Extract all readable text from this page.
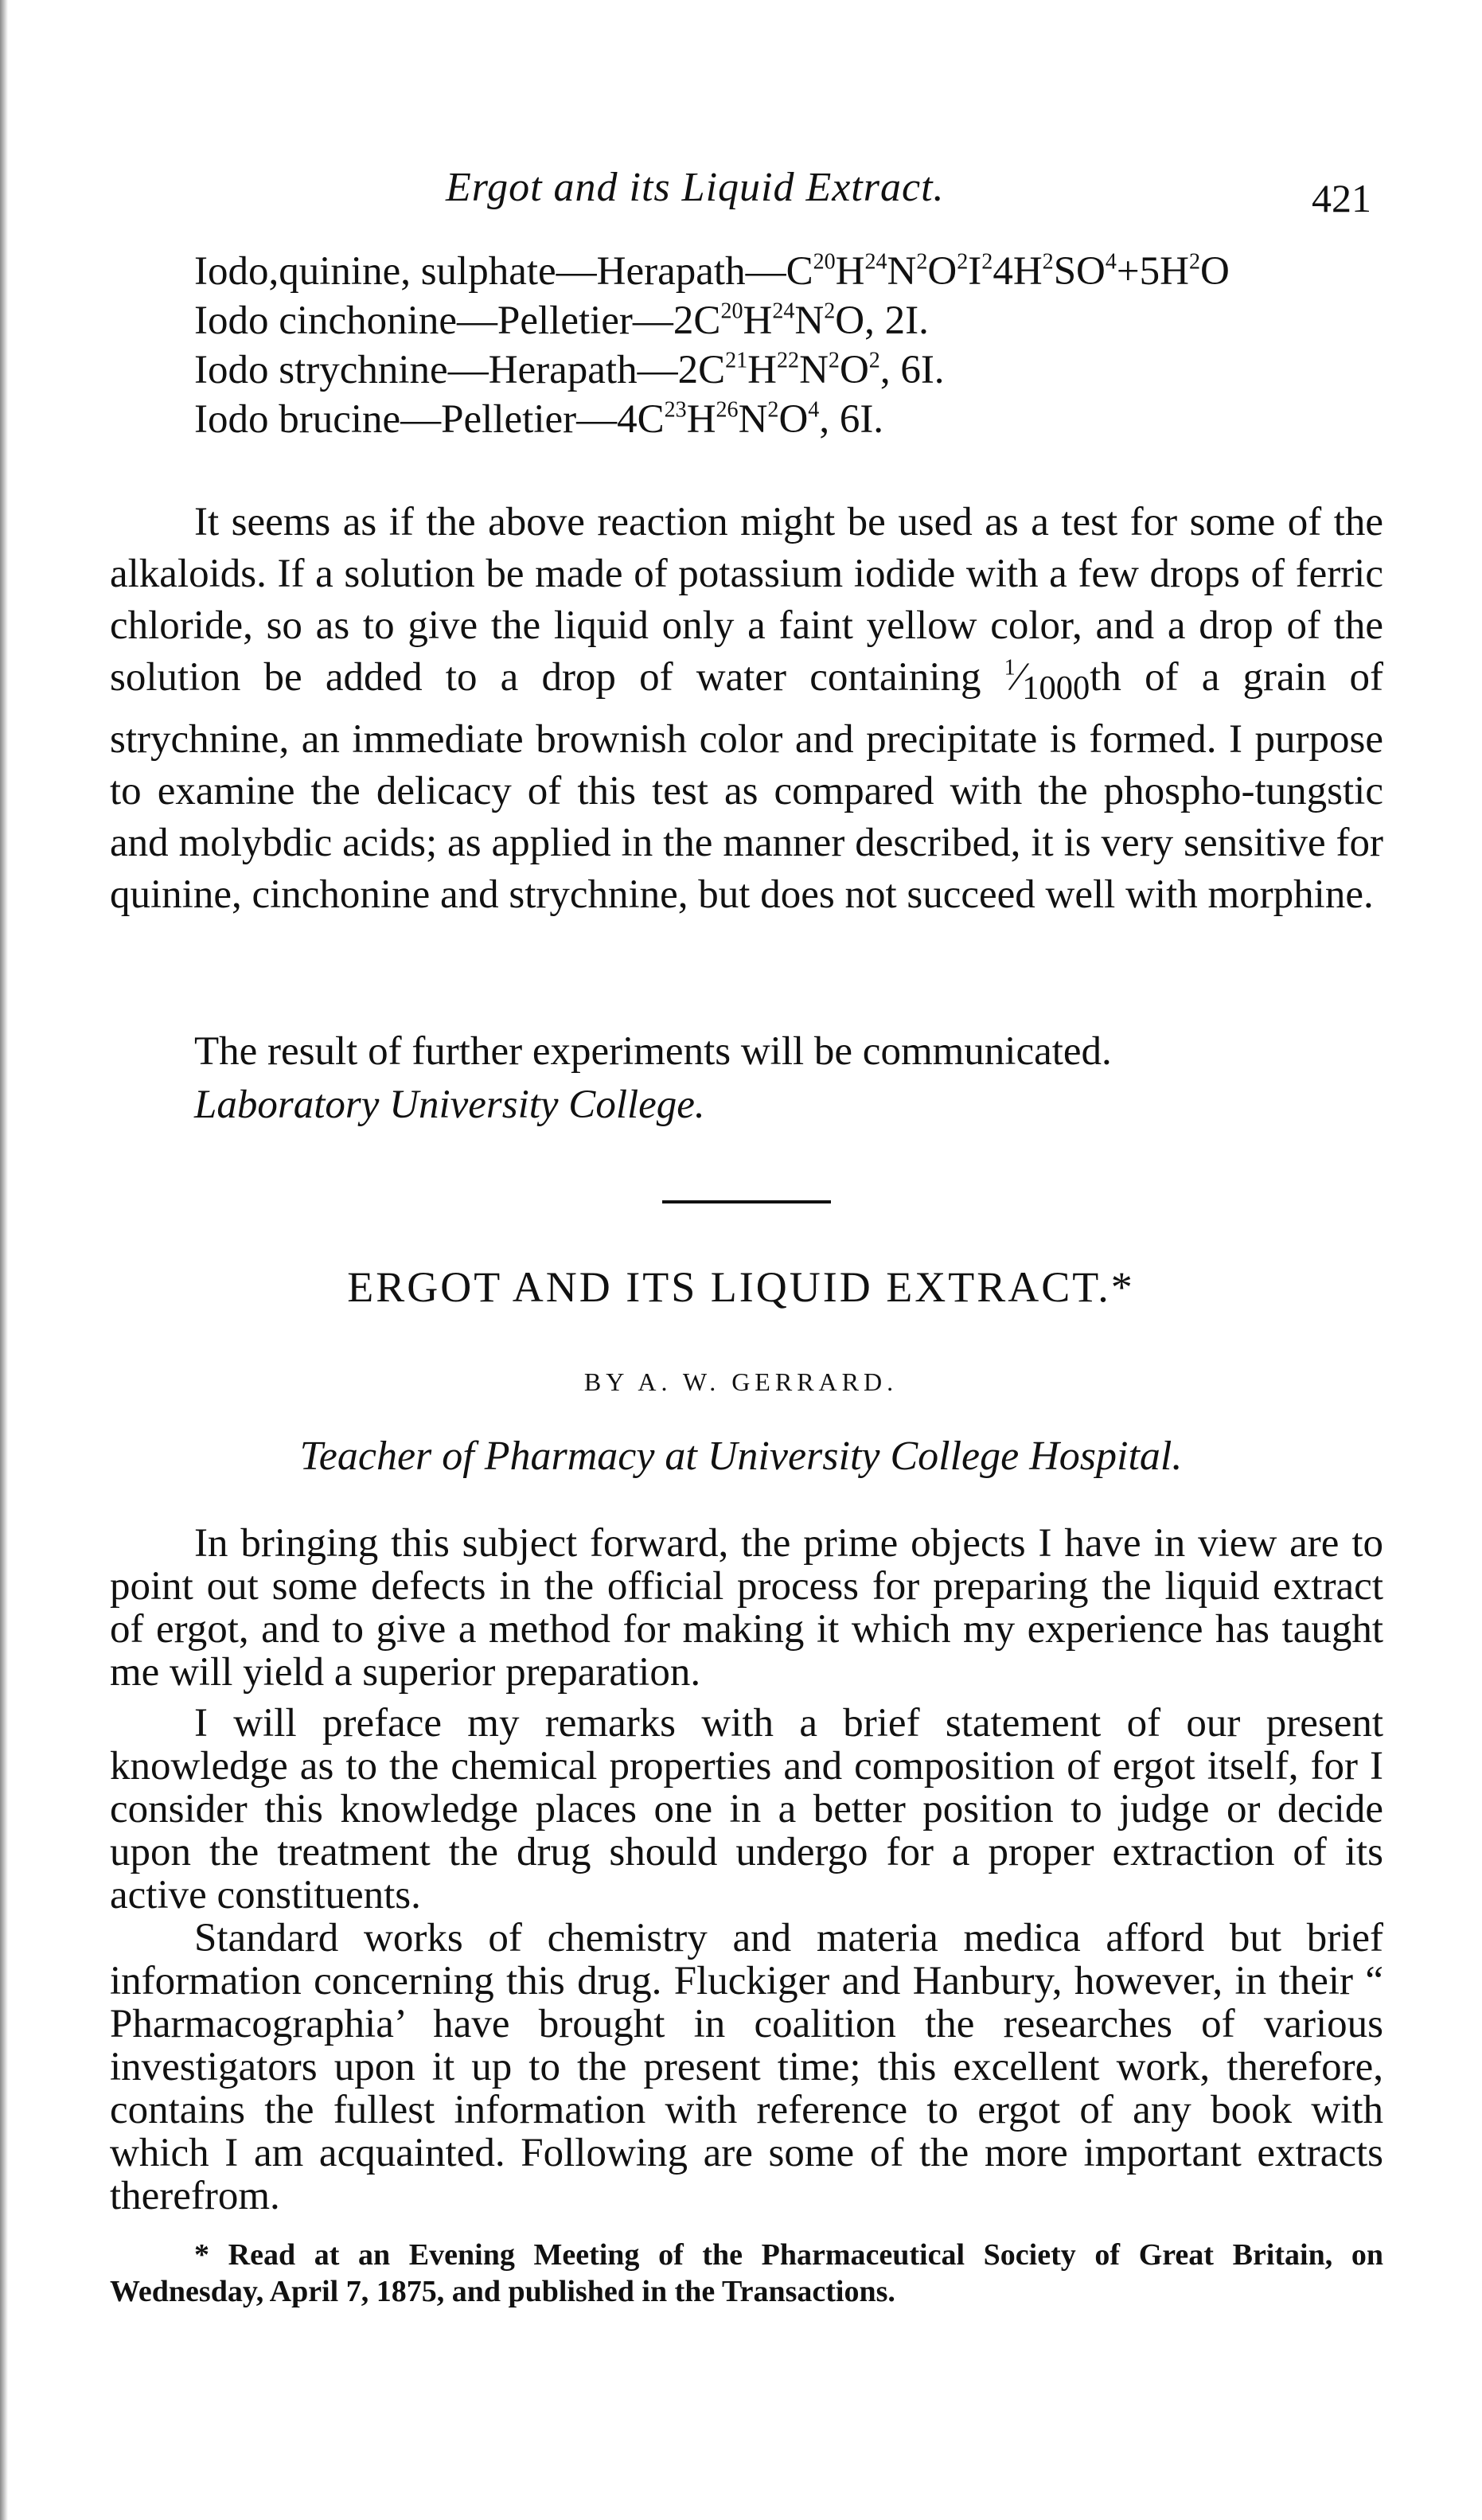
Ergot and its Liquid Extract.	421
Iodo,quinine, $sulphate—Herapath—C^{20}H^{24}N^2O^2I^24H^2SO^4+5H^2O$
Iodo $cinchonine—Pelletier—2C^{20}H^{24}N^2O$, 2I.
Iodo $strychnine—Herapath—2C^{21}H^{22}N^2O^2$, 6I.
Iodo $brucine—Pelletier—4C^{23}H^{26}N^2O^4$, 6I.

It seems as if the above reaction might be used as a test for some of the alkaloids. If a solution be made of potassium iodide with a few drops of ferric chloride, so as to give the liquid only a faint yellow color, and a drop of the solution be added to a drop of water containing $^1⁄_{1000}th$ of a grain of strychnine, an immediate brownish color and precipitate is formed. I purpose to examine the delicacy of this test as compared with the phospho-tungstic and molybdic acids; as applied in the manner described, it is very sensitive for quinine, cinchonine and strychnine, but does not succeed well with morphine.

The result of further experiments will be communicated.

Laboratory University College.

ERGOT AND ITS LIQUID EXTRACT.*
BY A. W. GERRARD.
Teacher of Pharmacy at University College Hospital.

In bringing this subject forward, the prime objects I have in view are to point out some defects in the official process for preparing the liquid extract of ergot, and to give a method for making it which my experience has taught me will yield a superior preparation.

I will preface my remarks with a brief statement of our present knowledge as to the chemical properties and composition of ergot itself, for I consider this knowledge places one in a better position to judge or decide upon the treatment the drug should undergo for a proper extraction of its active constituents.

Standard works of chemistry and materia medica afford but brief information concerning this drug. Fluckiger and Hanbury, however, in their “ Pharmacographia’ have brought in coalition the researches of various investigators upon it up to the present time; this excellent work, therefore, contains the fullest information with reference to ergot of any book with which I am acquainted. Following are some of the more important extracts therefrom.

* Read at an Evening Meeting of the Pharmaceutical Society of Great Britain, on Wednesday, April 7, 1875, and published in the Transactions.
